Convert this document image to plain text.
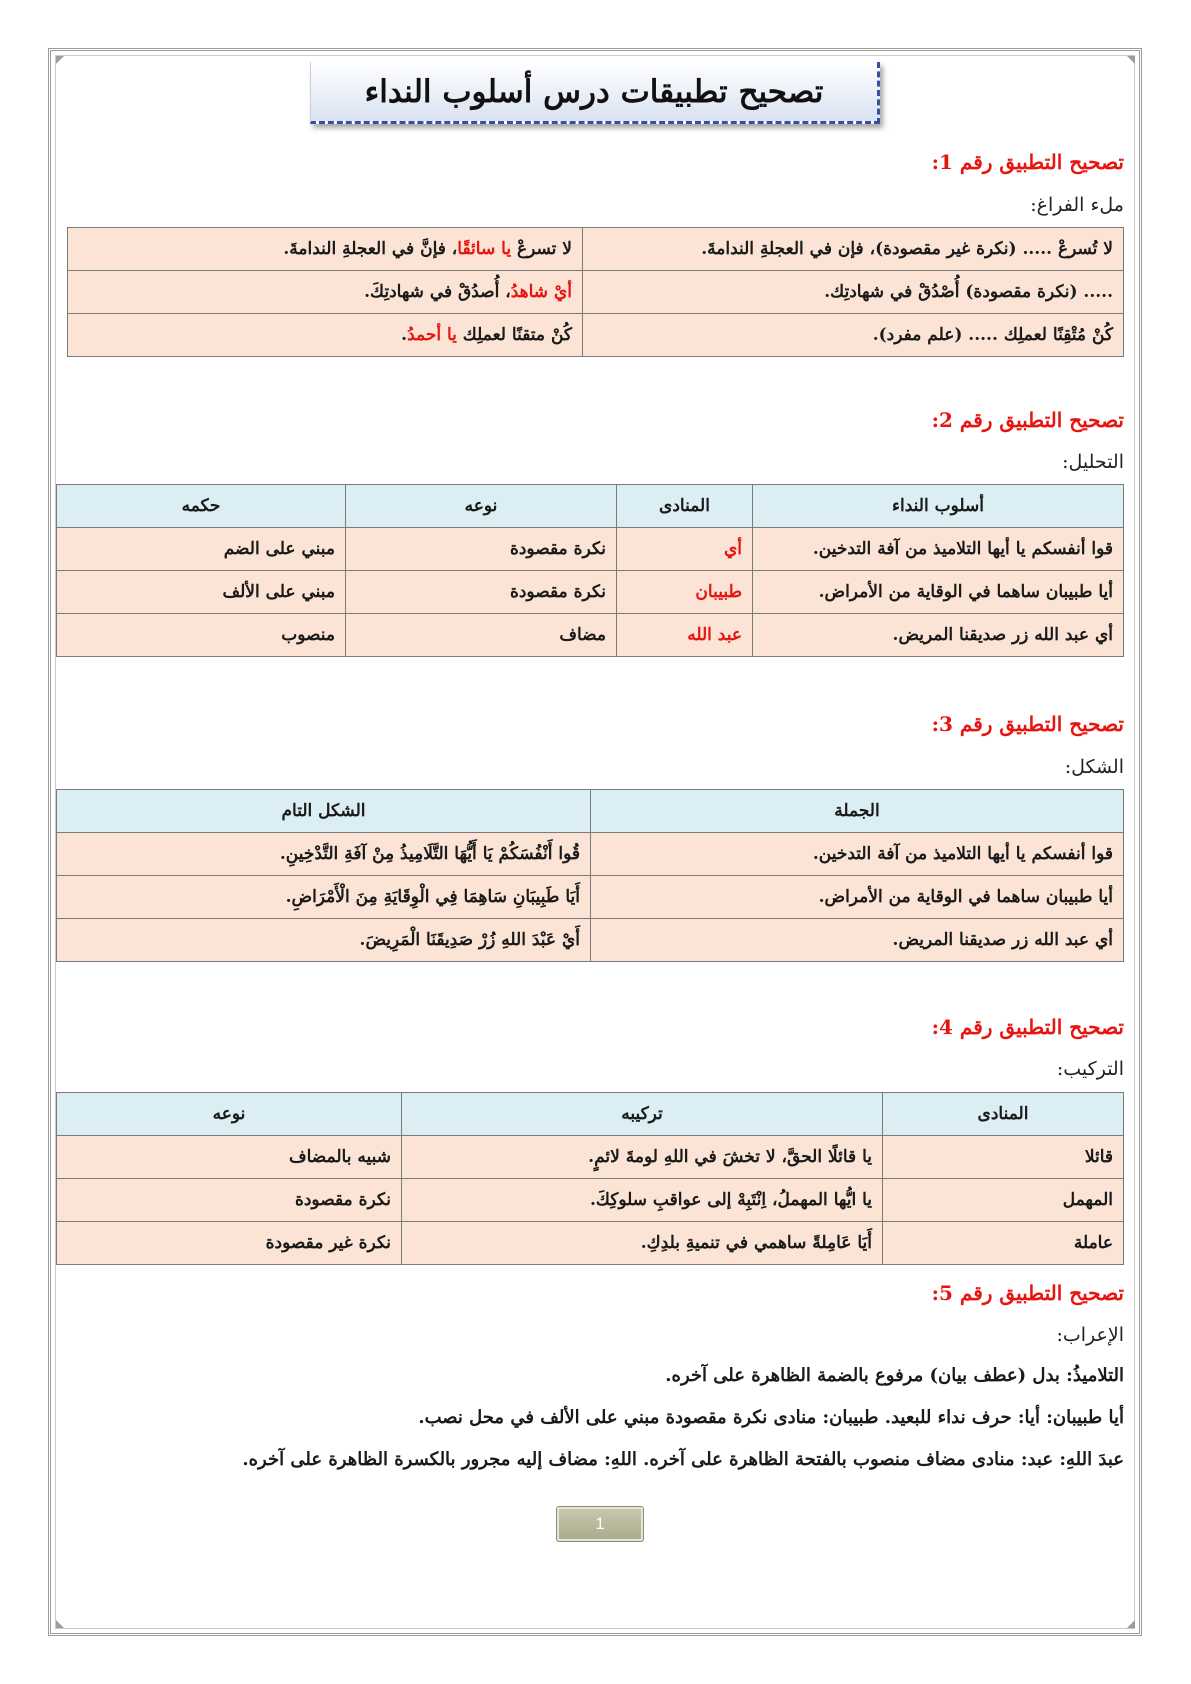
تصحيح تطبيقات درس أسلوب النداء
تصحيح التطبيق رقم 1:
ملء الفراغ:
لا تُسرعْ ..... (نكرة غير مقصودة)، فإن في العجلةِ الندامةَ.	لا تسرعْ يا سائقًا، فإنَّ في العجلةِ الندامةَ.
..... (نكرة مقصودة) أُصْدُقْ في شهادتِك.	أيْ شاهدُ، أُصدُقْ في شهادتِكَ.
كُنْ مُتْقِنًا لعملِك ..... (علم مفرد).	كُنْ متقنًا لعملِك يا أحمدُ.
تصحيح التطبيق رقم 2:
التحليل:
أسلوب النداء	المنادى	نوعه	حكمه
قوا أنفسكم يا أيها التلاميذ من آفة التدخين.	أي	نكرة مقصودة	مبني على الضم
أيا طبيبان ساهما في الوقاية من الأمراض.	طبيبان	نكرة مقصودة	مبني على الألف
أي عبد الله زر صديقنا المريض.	عبد الله	مضاف	منصوب
تصحيح التطبيق رقم 3:
الشكل:
الجملة	الشكل التام
قوا أنفسكم يا أيها التلاميذ من آفة التدخين.	قُوا أَنْفُسَكُمْ يَا أَيُّهَا التَّلَامِيذُ مِنْ آفَةِ التَّدْخِينِ.
أيا طبيبان ساهما في الوقاية من الأمراض.	أَيَا طَبِيبَانِ سَاهِمَا فِي الْوِقَايَةِ مِنَ الْأَمْرَاضِ.
أي عبد الله زر صديقنا المريض.	أَيْ عَبْدَ اللهِ زُرْ صَدِيقَنَا الْمَرِيضَ.
تصحيح التطبيق رقم 4:
التركيب:
المنادى	تركيبه	نوعه
قائلا	يا قائلًا الحقَّ، لا تخشَ في اللهِ لومةَ لائمٍ.	شبيه بالمضاف
المهمل	يا ايُّها المهملُ، اِنْتَبِهْ إلى عواقبِ سلوكِكَ.	نكرة مقصودة
عاملة	أَيَا عَامِلةً ساهمي في تنميةِ بلدِكِ.	نكرة غير مقصودة
تصحيح التطبيق رقم 5:
الإعراب:
التلاميذُ: بدل (عطف بيان) مرفوع بالضمة الظاهرة على آخره.
أيا طبيبان: أيا: حرف نداء للبعيد. طبيبان: منادى نكرة مقصودة مبني على الألف في محل نصب.
عبدَ اللهِ: عبد: منادى مضاف منصوب بالفتحة الظاهرة على آخره. اللهِ: مضاف إليه مجرور بالكسرة الظاهرة على آخره.
1
